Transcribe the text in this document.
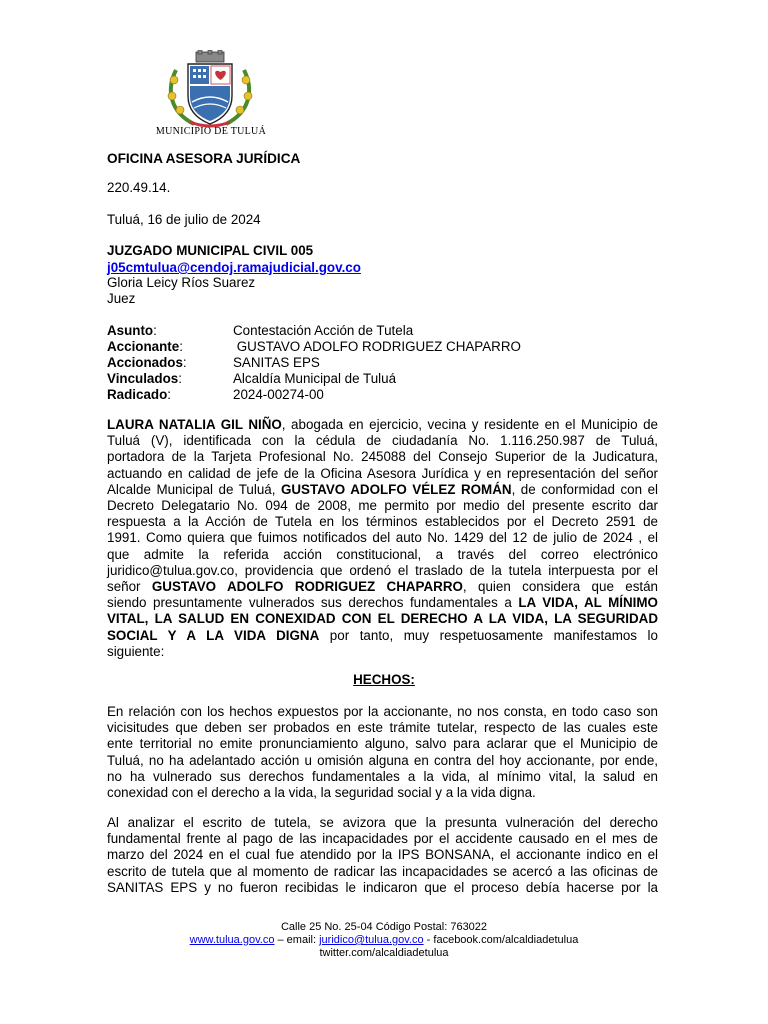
MUNICIPIO DE TULUÁ
OFICINA ASESORA JURÍDICA
220.49.14.
Tuluá, 16 de julio de 2024
JUZGADO MUNICIPAL CIVIL 005
j05cmtulua@cendoj.ramajudicial.gov.co
Gloria Leicy Ríos Suarez
Juez
Asunto:	Contestación Acción de Tutela
Accionante:	GUSTAVO ADOLFO RODRIGUEZ CHAPARRO
Accionados:	SANITAS EPS
Vinculados:	Alcaldía Municipal de Tuluá
Radicado:	2024-00274-00
LAURA NATALIA GIL NIÑO, abogada en ejercicio, vecina y residente en el Municipio de
Tuluá (V), identificada con la cédula de ciudadanía No. 1.116.250.987 de Tuluá,
portadora de la Tarjeta Profesional No. 245088 del Consejo Superior de la Judicatura,
actuando en calidad de jefe de la Oficina Asesora Jurídica y en representación del señor
Alcalde Municipal de Tuluá, GUSTAVO ADOLFO VÉLEZ ROMÁN, de conformidad con el
Decreto Delegatario No. 094 de 2008, me permito por medio del presente escrito dar
respuesta a la Acción de Tutela en los términos establecidos por el Decreto 2591 de
1991. Como quiera que fuimos notificados del auto No. 1429 del 12 de julio de 2024 , el
que admite la referida acción constitucional, a través del correo electrónico
juridico@tulua.gov.co, providencia que ordenó el traslado de la tutela interpuesta por el
señor GUSTAVO ADOLFO RODRIGUEZ CHAPARRO, quien considera que están
siendo presuntamente vulnerados sus derechos fundamentales a LA VIDA, AL MÍNIMO
VITAL, LA SALUD EN CONEXIDAD CON EL DERECHO A LA VIDA, LA SEGURIDAD
SOCIAL Y A LA VIDA DIGNA por tanto, muy respetuosamente manifestamos lo
siguiente:
HECHOS:
En relación con los hechos expuestos por la accionante, no nos consta, en todo caso son
vicisitudes que deben ser probados en este trámite tutelar, respecto de las cuales este
ente territorial no emite pronunciamiento alguno, salvo para aclarar que el Municipio de
Tuluá, no ha adelantado acción u omisión alguna en contra del hoy accionante, por ende,
no ha vulnerado sus derechos fundamentales a la vida, al mínimo vital, la salud en
conexidad con el derecho a la vida, la seguridad social y a la vida digna.
Al analizar el escrito de tutela, se avizora que la presunta vulneración del derecho
fundamental frente al pago de las incapacidades por el accidente causado en el mes de
marzo del 2024 en el cual fue atendido por la IPS BONSANA, el accionante indico en el
escrito de tutela que al momento de radicar las incapacidades se acercó a las oficinas de
SANITAS EPS y no fueron recibidas le indicaron que el proceso debía hacerse por la
Calle 25 No. 25-04 Código Postal: 763022
www.tulua.gov.co – email: juridico@tulua.gov.co - facebook.com/alcaldiadetulua
twitter.com/alcaldiadetulua
